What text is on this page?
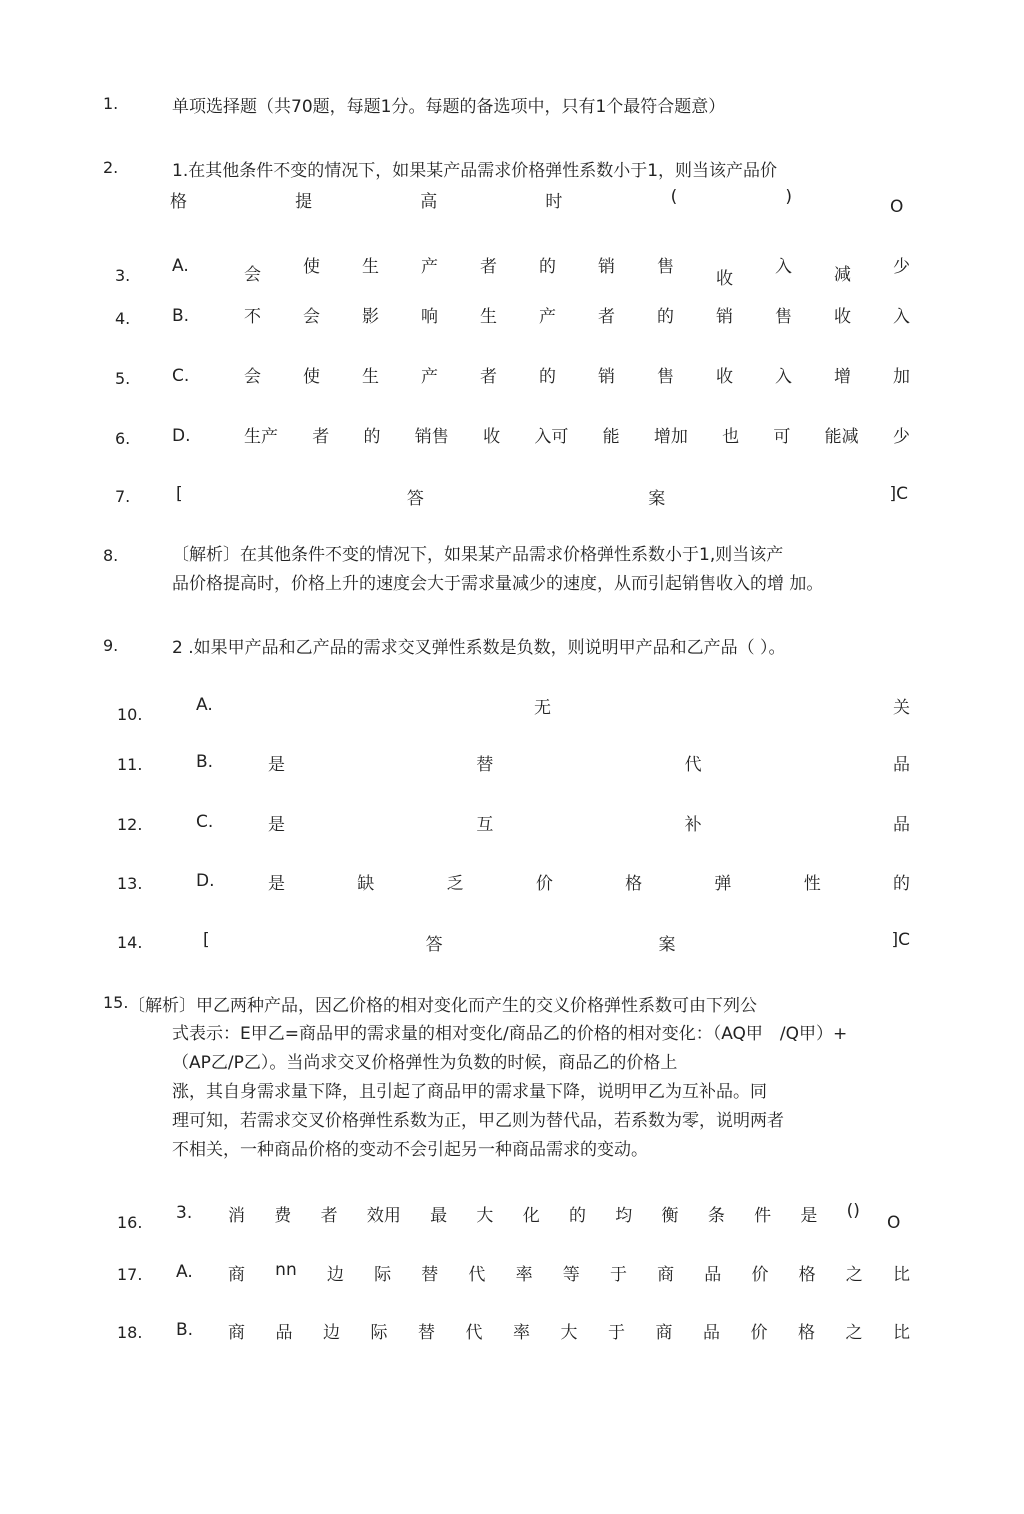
1.	单项选择题（共70题，每题1分。每题的备选项中，只有1个最符合题意）
2.	1.在其他条件不变的情况下，如果某产品需求价格弹性系数小于1，则当该产品价
格	提	高	时	(	)	O
3. A.	会 使 生 产 者 的 销 售
收
入 减 少
4. B.	不 会 影 响 生 产 者 的 销 售 收 入
5. C.	会 使 生 产 者 的 销 售 收 入 增 加
6. D.	生产 者 的 销售 收 入可 能 增加 也 可 能减 少
7.	[	答	案	]C
8.	〔解析〕在其他条件不变的情况下，如果某产品需求价格弹性系数小于1,则当该产
品价格提高时，价格上升的速度会大于需求量减少的速度，从而引起销售收入的增 加。
9.	2 .如果甲产品和乙产品的需求交叉弹性系数是负数，则说明甲产品和乙产品（ ）。
10.	A.	无	关
11.	B.	是	替	代	品
12.	C.	是	互	补	品
13.	D.	是	缺	乏	价	格	弹	性	的
14.	[	答	案	]C
15. 〔解析〕甲乙两种产品，因乙价格的相对变化而产生的交义价格弹性系数可由下列公
式表示：E甲乙=商品甲的需求量的相对变化/商品乙的价格的相对变化：（AQ甲　/Q甲）+
（AP乙/P乙）。当尚求交叉价格弹性为负数的时候，商品乙的价格上
涨，其自身需求量下降，且引起了商品甲的需求量下降，说明甲乙为互补品。同
理可知，若需求交叉价格弹性系数为正，甲乙则为替代品，若系数为零，说明两者
不相关，一种商品价格的变动不会引起另一种商品需求的变动。
16. 3. 消 费 者 效用 最 大 化 的 均 衡 条 件 是 ()
O
17. A. 商 nn 边 际 替 代 率 等 于 商 品 价 格 之 比
18. B. 商 品 边 际 替 代 率 大 于 商 品 价 格 之 比
